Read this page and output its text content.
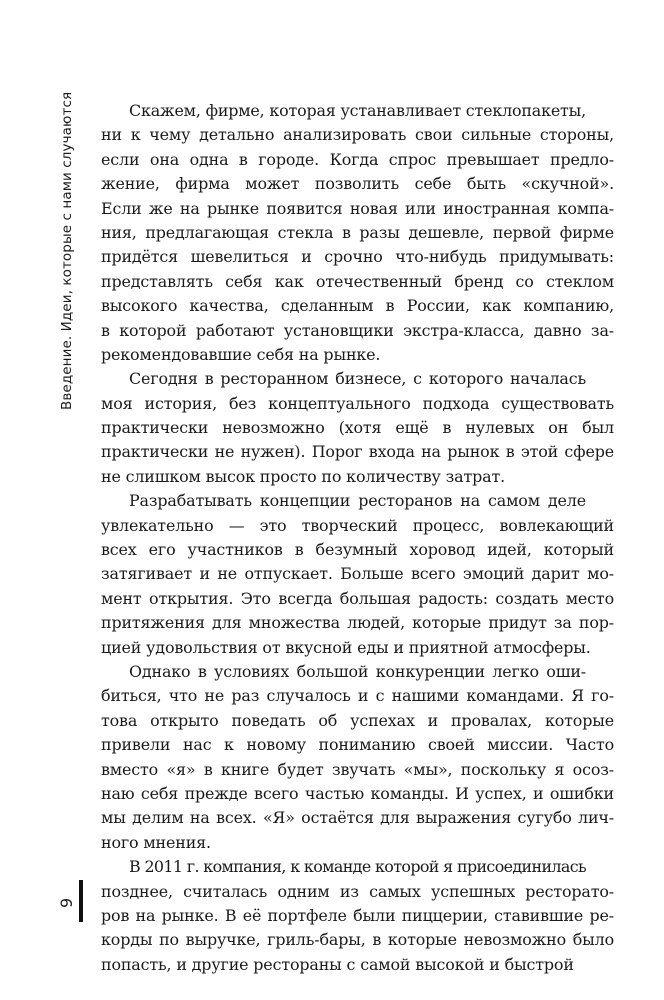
Введение. Идеи, которые с нами случаются
9
Скажем, фирме, которая устанавливает стеклопакеты,
ни к чему детально анализировать свои сильные стороны,
если она одна в городе. Когда спрос превышает предло-
жение, фирма может позволить себе быть «скучной».
Если же на рынке появится новая или иностранная компа-
ния, предлагающая стекла в разы дешевле, первой фирме
придётся шевелиться и срочно что-нибудь придумывать:
представлять себя как отечественный бренд со стеклом
высокого качества, сделанным в России, как компанию,
в которой работают установщики экстра-класса, давно за-
рекомендовавшие себя на рынке.
Сегодня в ресторанном бизнесе, с которого началась
моя история, без концептуального подхода существовать
практически невозможно (хотя ещё в нулевых он был
практически не нужен). Порог входа на рынок в этой сфере
не слишком высок просто по количеству затрат.
Разрабатывать концепции ресторанов на самом деле
увлекательно — это творческий процесс, вовлекающий
всех его участников в безумный хоровод идей, который
затягивает и не отпускает. Больше всего эмоций дарит мо-
мент открытия. Это всегда большая радость: создать место
притяжения для множества людей, которые придут за пор-
цией удовольствия от вкусной еды и приятной атмосферы.
Однако в условиях большой конкуренции легко оши-
биться, что не раз случалось и с нашими командами. Я го-
това открыто поведать об успехах и провалах, которые
привели нас к новому пониманию своей миссии. Часто
вместо «я» в книге будет звучать «мы», поскольку я осоз-
наю себя прежде всего частью команды. И успех, и ошибки
мы делим на всех. «Я» остаётся для выражения сугубо лич-
ного мнения.
В 2011 г. компания, к команде которой я присоединилась
позднее, считалась одним из самых успешных ресторато-
ров на рынке. В её портфеле были пиццерии, ставившие ре-
корды по выручке, гриль-бары, в которые невозможно было
попасть, и другие рестораны с самой высокой и быстрой
